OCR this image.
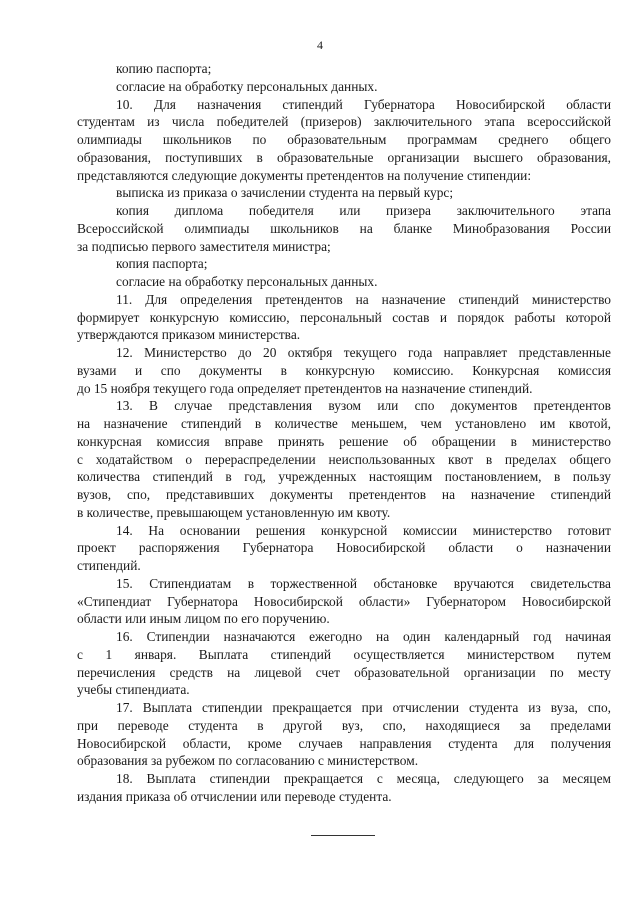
4
копию паспорта;
согласие на обработку персональных данных.
10. Для назначения стипендий Губернатора Новосибирской области
студентам из числа победителей (призеров) заключительного этапа всероссийской
олимпиады школьников по образовательным программам среднего общего
образования, поступивших в образовательные организации высшего образования,
представляются следующие документы претендентов на получение стипендии:
выписка из приказа о зачислении студента на первый курс;
копия диплома победителя или призера заключительного этапа
Всероссийской олимпиады школьников на бланке Минобразования России
за подписью первого заместителя министра;
копия паспорта;
согласие на обработку персональных данных.
11. Для определения претендентов на назначение стипендий министерство
формирует конкурсную комиссию, персональный состав и порядок работы которой
утверждаются приказом министерства.
12. Министерство до 20 октября текущего года направляет представленные
вузами и спо документы в конкурсную комиссию. Конкурсная комиссия
до 15 ноября текущего года определяет претендентов на назначение стипендий.
13. В случае представления вузом или спо документов претендентов
на назначение стипендий в количестве меньшем, чем установлено им квотой,
конкурсная комиссия вправе принять решение об обращении в министерство
с ходатайством о перераспределении неиспользованных квот в пределах общего
количества стипендий в год, учрежденных настоящим постановлением, в пользу
вузов, спо, представивших документы претендентов на назначение стипендий
в количестве, превышающем установленную им квоту.
14. На основании решения конкурсной комиссии министерство готовит
проект распоряжения Губернатора Новосибирской области о назначении
стипендий.
15. Стипендиатам в торжественной обстановке вручаются свидетельства
«Стипендиат Губернатора Новосибирской области» Губернатором Новосибирской
области или иным лицом по его поручению.
16. Стипендии назначаются ежегодно на один календарный год начиная
с 1 января. Выплата стипендий осуществляется министерством путем
перечисления средств на лицевой счет образовательной организации по месту
учебы стипендиата.
17. Выплата стипендии прекращается при отчислении студента из вуза, спо,
при переводе студента в другой вуз, спо, находящиеся за пределами
Новосибирской области, кроме случаев направления студента для получения
образования за рубежом по согласованию с министерством.
18. Выплата стипендии прекращается с месяца, следующего за месяцем
издания приказа об отчислении или переводе студента.
